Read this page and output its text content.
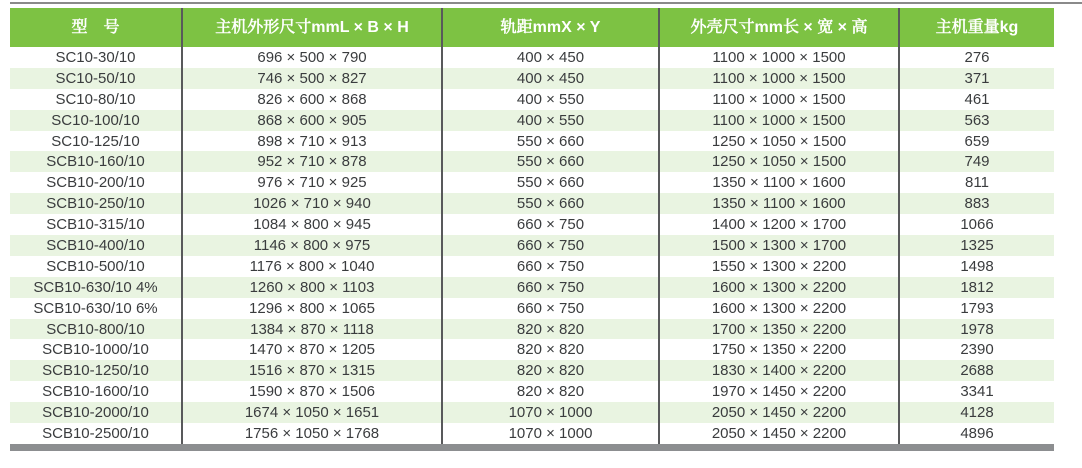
型　号	主机外形尺寸mmL × B × H	轨距mmX × Y	外壳尺寸mm长 × 宽 × 高	主机重量kg
SC10-30/10	696 × 500 × 790	400 × 450	1100 × 1000 × 1500	276
SC10-50/10	746 × 500 × 827	400 × 450	1100 × 1000 × 1500	371
SC10-80/10	826 × 600 × 868	400 × 550	1100 × 1000 × 1500	461
SC10-100/10	868 × 600 × 905	400 × 550	1100 × 1000 × 1500	563
SC10-125/10	898 × 710 × 913	550 × 660	1250 × 1050 × 1500	659
SCB10-160/10	952 × 710 × 878	550 × 660	1250 × 1050 × 1500	749
SCB10-200/10	976 × 710 × 925	550 × 660	1350 × 1100 × 1600	811
SCB10-250/10	1026 × 710 × 940	550 × 660	1350 × 1100 × 1600	883
SCB10-315/10	1084 × 800 × 945	660 × 750	1400 × 1200 × 1700	1066
SCB10-400/10	1146 × 800 × 975	660 × 750	1500 × 1300 × 1700	1325
SCB10-500/10	1176 × 800 × 1040	660 × 750	1550 × 1300 × 2200	1498
SCB10-630/10 4%	1260 × 800 × 1103	660 × 750	1600 × 1300 × 2200	1812
SCB10-630/10 6%	1296 × 800 × 1065	660 × 750	1600 × 1300 × 2200	1793
SCB10-800/10	1384 × 870 × 1118	820 × 820	1700 × 1350 × 2200	1978
SCB10-1000/10	1470 × 870 × 1205	820 × 820	1750 × 1350 × 2200	2390
SCB10-1250/10	1516 × 870 × 1315	820 × 820	1830 × 1400 × 2200	2688
SCB10-1600/10	1590 × 870 × 1506	820 × 820	1970 × 1450 × 2200	3341
SCB10-2000/10	1674 × 1050 × 1651	1070 × 1000	2050 × 1450 × 2200	4128
SCB10-2500/10	1756 × 1050 × 1768	1070 × 1000	2050 × 1450 × 2200	4896
